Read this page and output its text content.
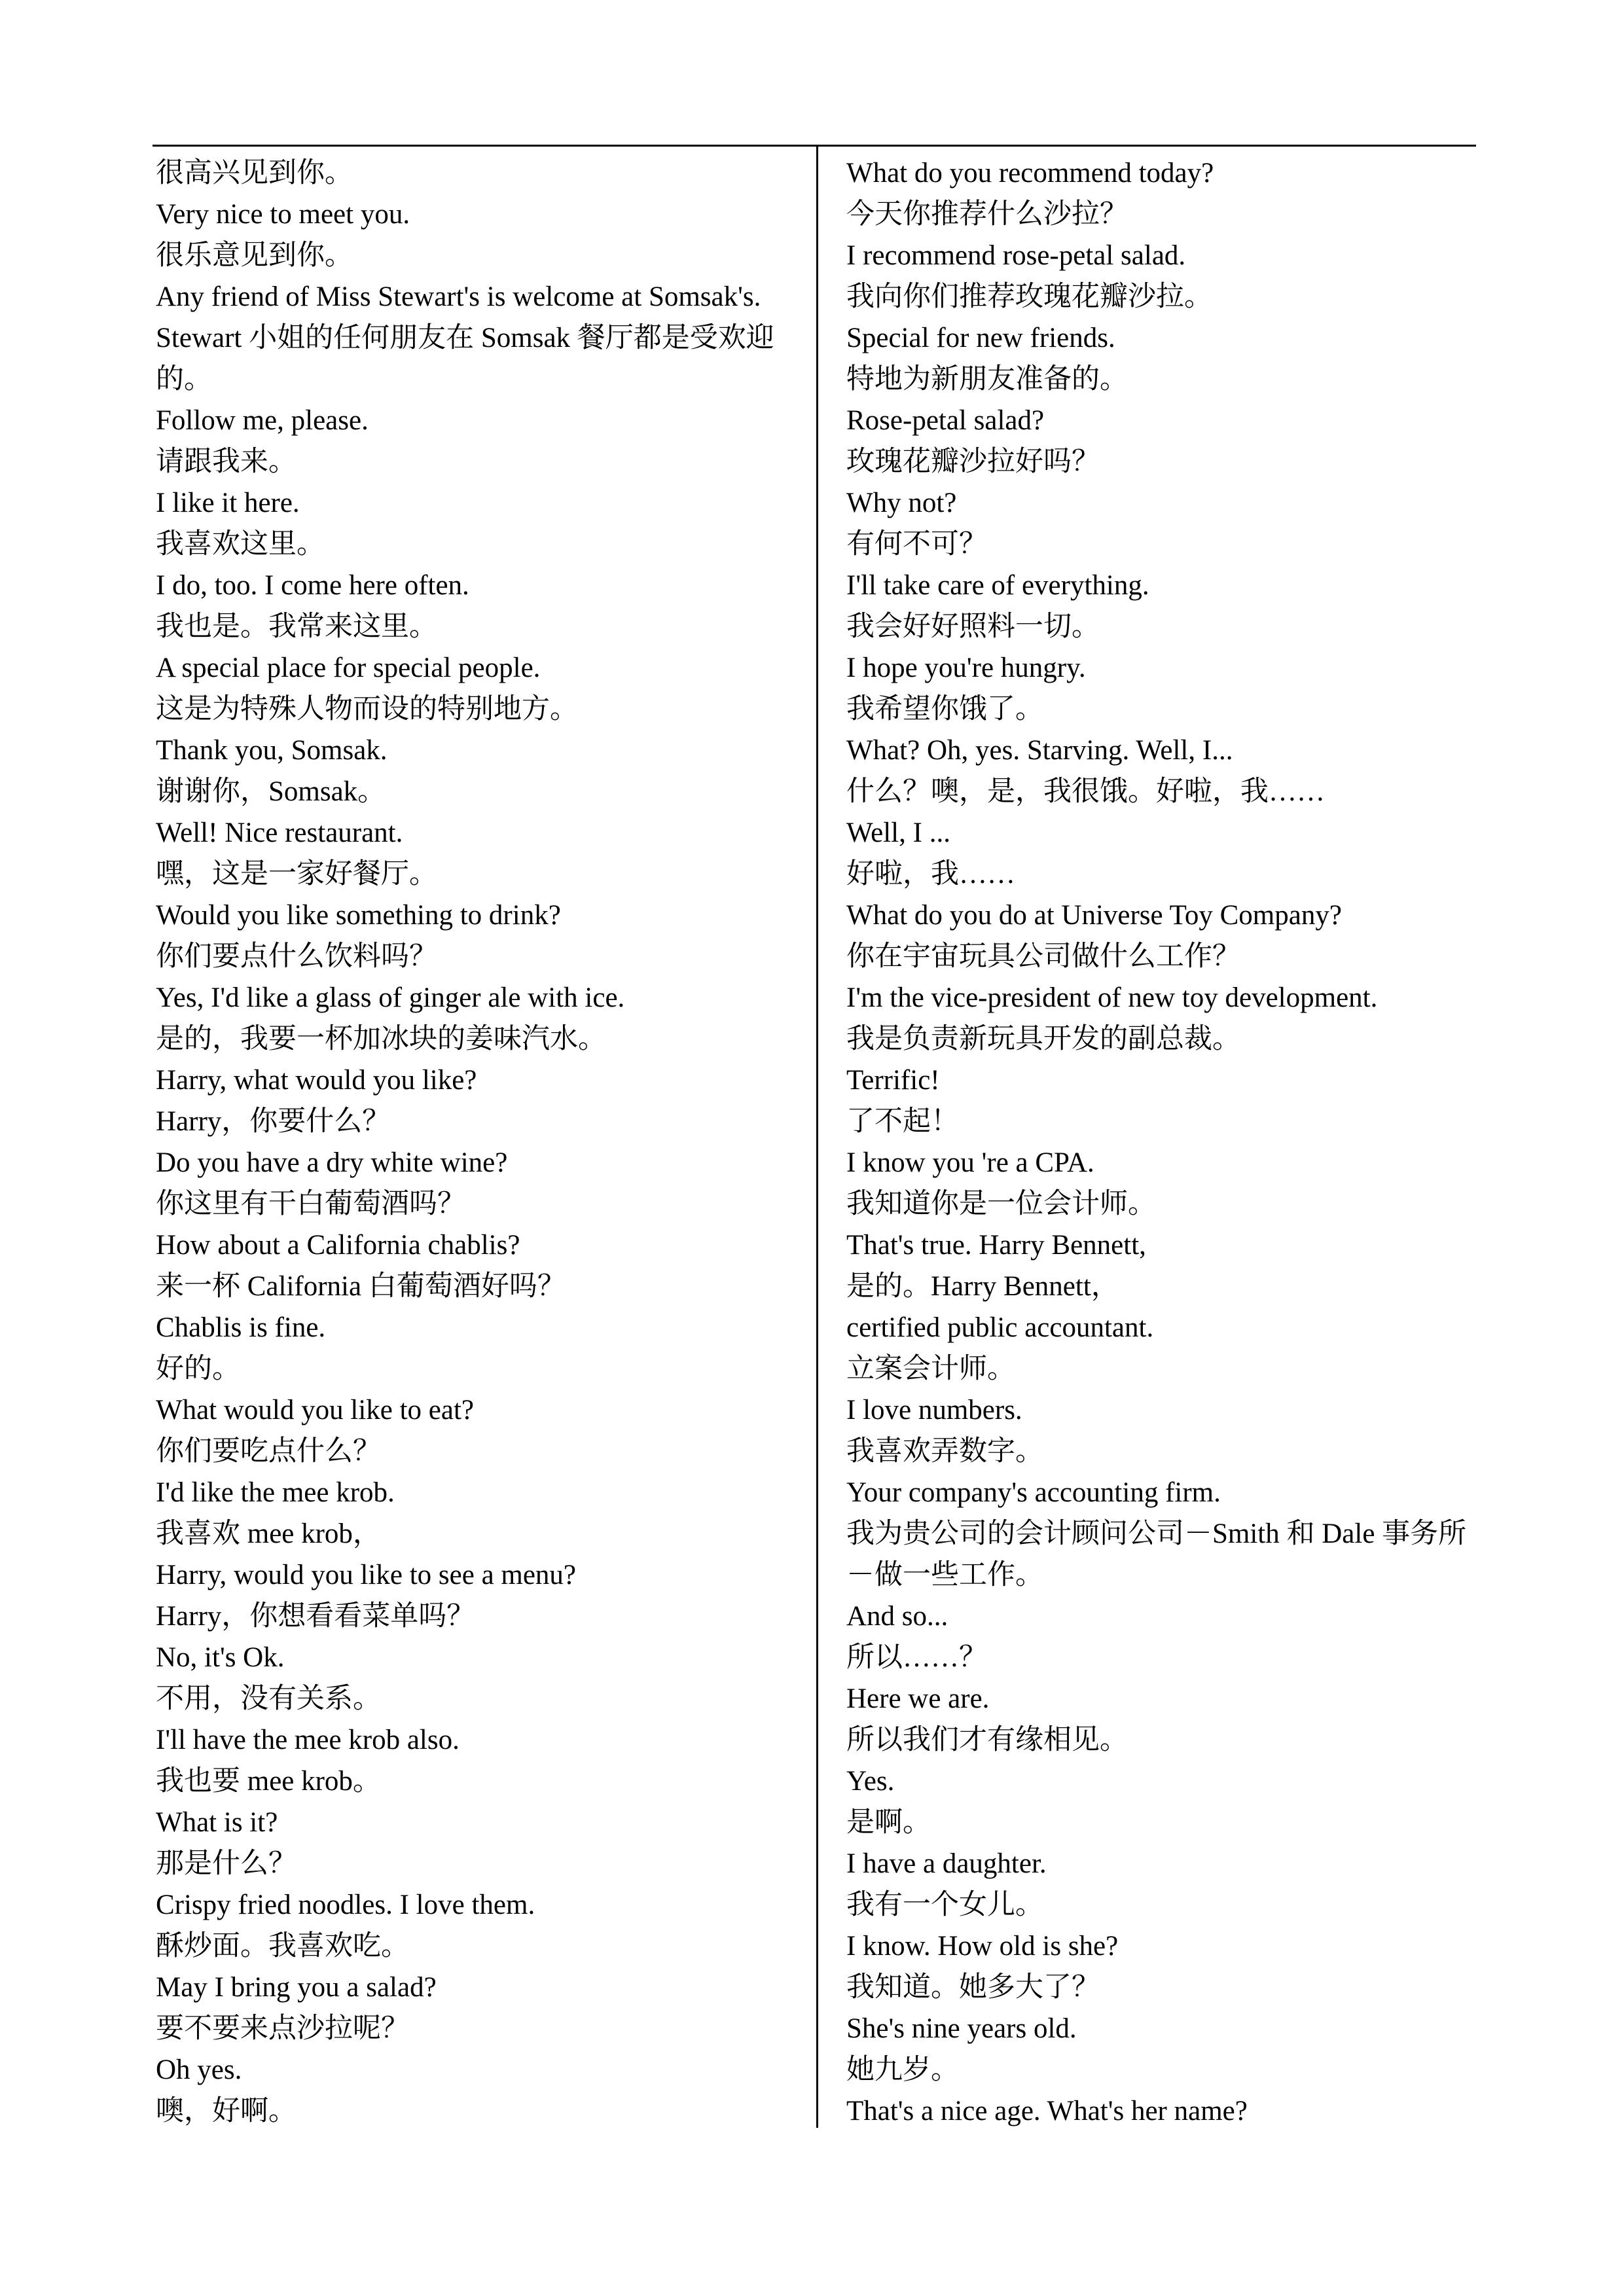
很高兴见到你。
Very nice to meet you.
很乐意见到你。
Any friend of Miss Stewart's is welcome at Somsak's.
Stewart 小姐的任何朋友在 Somsak 餐厅都是受欢迎
的。
Follow me, please.
请跟我来。
I like it here.
我喜欢这里。
I do, too. I come here often.
我也是。我常来这里。
A special place for special people.
这是为特殊人物而设的特别地方。
Thank you, Somsak.
谢谢你，Somsak。
Well! Nice restaurant.
嘿，这是一家好餐厅。
Would you like something to drink?
你们要点什么饮料吗？
Yes, I'd like a glass of ginger ale with ice.
是的，我要一杯加冰块的姜味汽水。
Harry, what would you like?
Harry，你要什么？
Do you have a dry white wine?
你这里有干白葡萄酒吗？
How about a California chablis?
来一杯 California 白葡萄酒好吗？
Chablis is fine.
好的。
What would you like to eat?
你们要吃点什么？
I'd like the mee krob.
我喜欢 mee krob，
Harry, would you like to see a menu?
Harry，你想看看菜单吗？
No, it's Ok.
不用，没有关系。
I'll have the mee krob also.
我也要 mee krob。
What is it?
那是什么？
Crispy fried noodles. I love them.
酥炒面。我喜欢吃。
May I bring you a salad?
要不要来点沙拉呢？
Oh yes.
噢，好啊。
What do you recommend today?
今天你推荐什么沙拉？
I recommend rose-petal salad.
我向你们推荐玫瑰花瓣沙拉。
Special for new friends.
特地为新朋友准备的。
Rose-petal salad?
玫瑰花瓣沙拉好吗？
Why not?
有何不可？
I'll take care of everything.
我会好好照料一切。
I hope you're hungry.
我希望你饿了。
What? Oh, yes. Starving. Well, I...
什么？噢，是，我很饿。好啦，我……
Well, I ...
好啦，我……
What do you do at Universe Toy Company?
你在宇宙玩具公司做什么工作？
I'm the vice-president of new toy development.
我是负责新玩具开发的副总裁。
Terrific!
了不起！
I know you 're a CPA.
我知道你是一位会计师。
That's true. Harry Bennett,
是的。Harry Bennett，
certified public accountant.
立案会计师。
I love numbers.
我喜欢弄数字。
Your company's accounting firm.
我为贵公司的会计顾问公司－Smith 和 Dale 事务所
－做一些工作。
And so...
所以……？
Here we are.
所以我们才有缘相见。
Yes.
是啊。
I have a daughter.
我有一个女儿。
I know. How old is she?
我知道。她多大了？
She's nine years old.
她九岁。
That's a nice age. What's her name?
